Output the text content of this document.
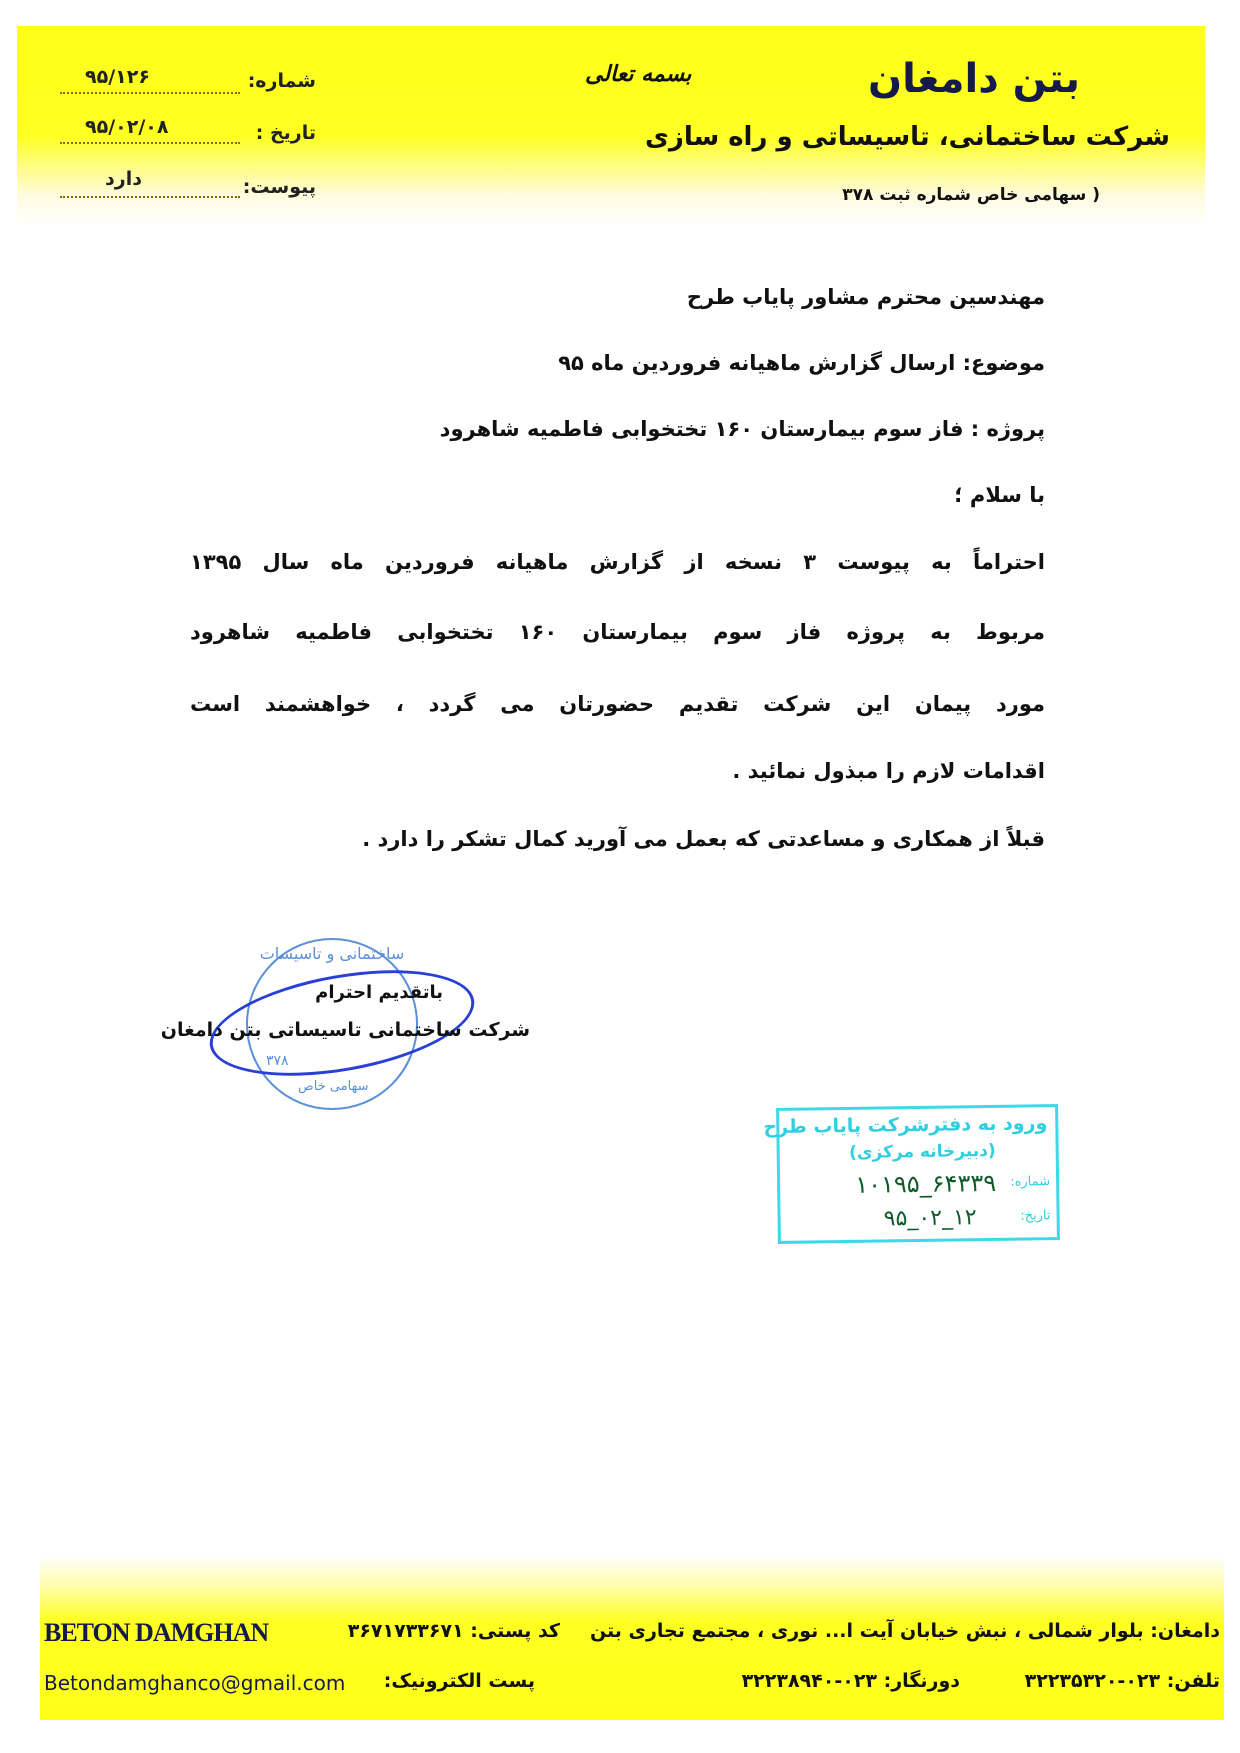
بتن دامغان
شرکت ساختمانی، تاسیساتی و راه سازی
( سهامی خاص شماره ثبت ۳۷۸
بسمه تعالی
شماره:
۹۵/۱۲۶
تاریخ :
۹۵/۰۲/۰۸
پیوست:
دارد
مهندسین محترم مشاور پایاب طرح
موضوع: ارسال گزارش ماهیانه فروردین ماه ۹۵
پروژه : فاز سوم بیمارستان ۱۶۰ تختخوابی فاطمیه شاهرود
با سلام ؛
احتراماً به پیوست ۳ نسخه از گزارش ماهیانه فروردین ماه سال ۱۳۹۵
مربوط به پروژه فاز سوم بیمارستان ۱۶۰ تختخوابی فاطمیه شاهرود
مورد پیمان این شرکت تقدیم حضورتان می گردد ، خواهشمند است
اقدامات لازم را مبذول نمائید .
قبلاً از همکاری و مساعدتی که بعمل می آورید کمال تشکر را دارد .
ساختمانی و تاسیسات
۳۷۸
سهامی خاص
باتقدیم احترام
شرکت ساختمانی تاسیساتی بتن دامغان
ورود به دفترشرکت پایاب طرح
(دبیرخانه مرکزی)
شماره:
۱۰۱۹۵_۶۴۳۳۹
تاریخ:
۹۵_۰۲_۱۲
BETON DAMGHAN	دامغان: بلوار شمالی ، نبش خیابان آیت ا... نوری ، مجتمع تجاری بتن
کد پستی: ۳۶۷۱۷۳۳۶۷۱
تلفن: ۰۲۳-۳۲۲۳۵۳۲۰
دورنگار: ۰۲۳-۳۲۲۳۸۹۴۰
پست الکترونیک:
Betondamghanco@gmail.com
